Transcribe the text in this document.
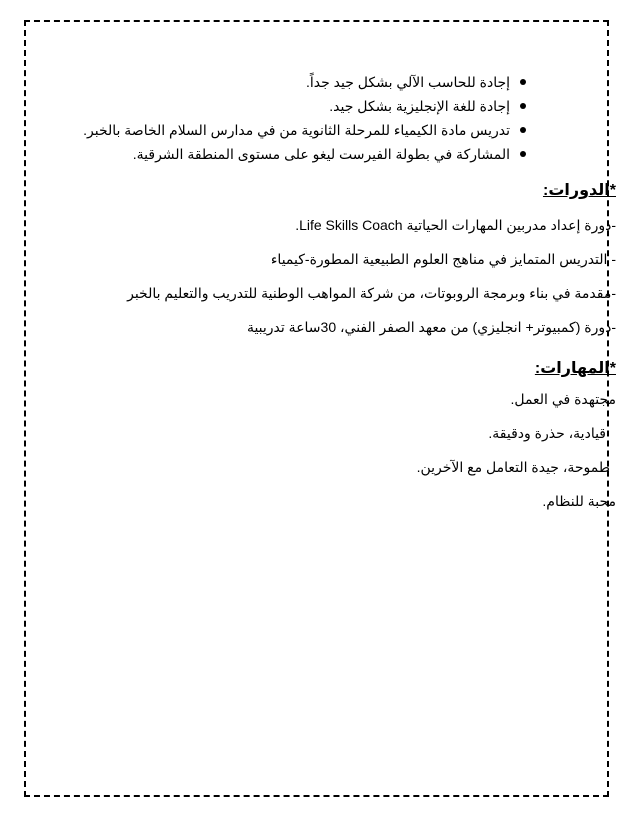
إجادة للحاسب الآلي بشكل جيد جداً.
إجادة للغة الإنجليزية بشكل جيد.
تدريس مادة الكيمياء للمرحلة الثانوية من في مدارس السلام الخاصة بالخبر.
المشاركة في بطولة الفيرست ليغو على مستوى المنطقة الشرقية.
*الدورات:

-دورة إعداد مدربين المهارات الحياتية Life Skills Coach.

- التدريس المتمايز في مناهج العلوم الطبيعية المطورة-كيمياء

-مقدمة في بناء وبرمجة الروبوتات، من شركة المواهب الوطنية للتدريب والتعليم بالخبر

-دورة (كمبيوتر+ انجليزي) من معهد الصفر الفني، 30ساعة تدريبية

*المهارات:

مجتهدة في العمل.

قيادية، حذرة ودقيقة.

طموحة، جيدة التعامل مع الآخرين.

محبة للنظام.
